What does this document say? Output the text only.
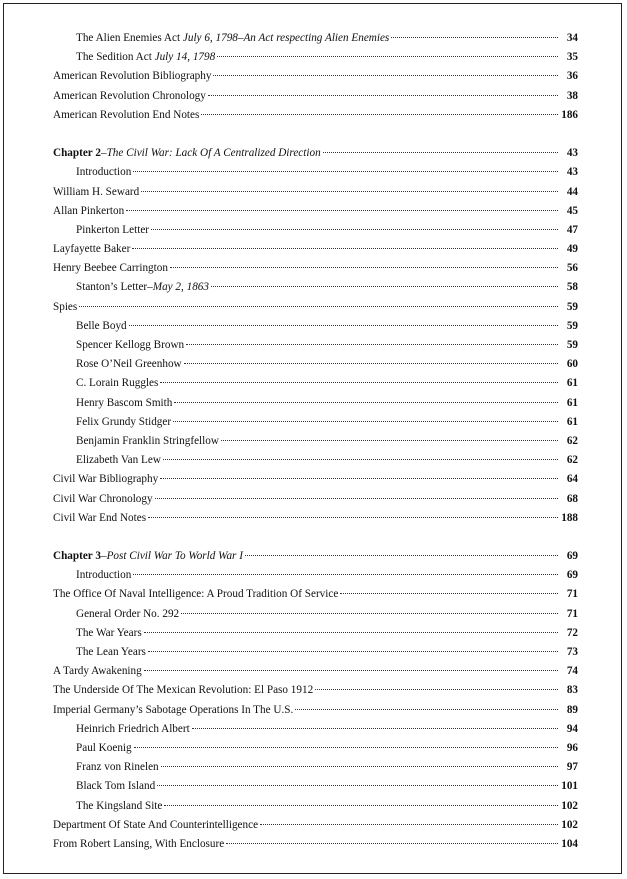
The Alien Enemies Act July 6, 1798–An Act respecting Alien Enemies	34
The Sedition Act July 14, 1798	35
American Revolution Bibliography	36
American Revolution Chronology	38
American Revolution End Notes	186
Chapter 2–The Civil War: Lack Of A Centralized Direction	43
Introduction	43
William H. Seward	44
Allan Pinkerton	45
Pinkerton Letter	47
Layfayette Baker	49
Henry Beebee Carrington	56
Stanton’s Letter–May 2, 1863	58
Spies	59
Belle Boyd	59
Spencer Kellogg Brown	59
Rose O’Neil Greenhow	60
C. Lorain Ruggles	61
Henry Bascom Smith	61
Felix Grundy Stidger	61
Benjamin Franklin Stringfellow	62
Elizabeth Van Lew	62
Civil War Bibliography	64
Civil War Chronology	68
Civil War End Notes	188
Chapter 3–Post Civil War To World War I	69
Introduction	69
The Office Of Naval Intelligence: A Proud Tradition Of Service	71
General Order No. 292	71
The War Years	72
The Lean Years	73
A Tardy Awakening	74
The Underside Of The Mexican Revolution: El Paso 1912	83
Imperial Germany’s Sabotage Operations In The U.S.	89
Heinrich Friedrich Albert	94
Paul Koenig	96
Franz von Rinelen	97
Black Tom Island	101
The Kingsland Site	102
Department Of State And Counterintelligence	102
From Robert Lansing, With Enclosure	104
